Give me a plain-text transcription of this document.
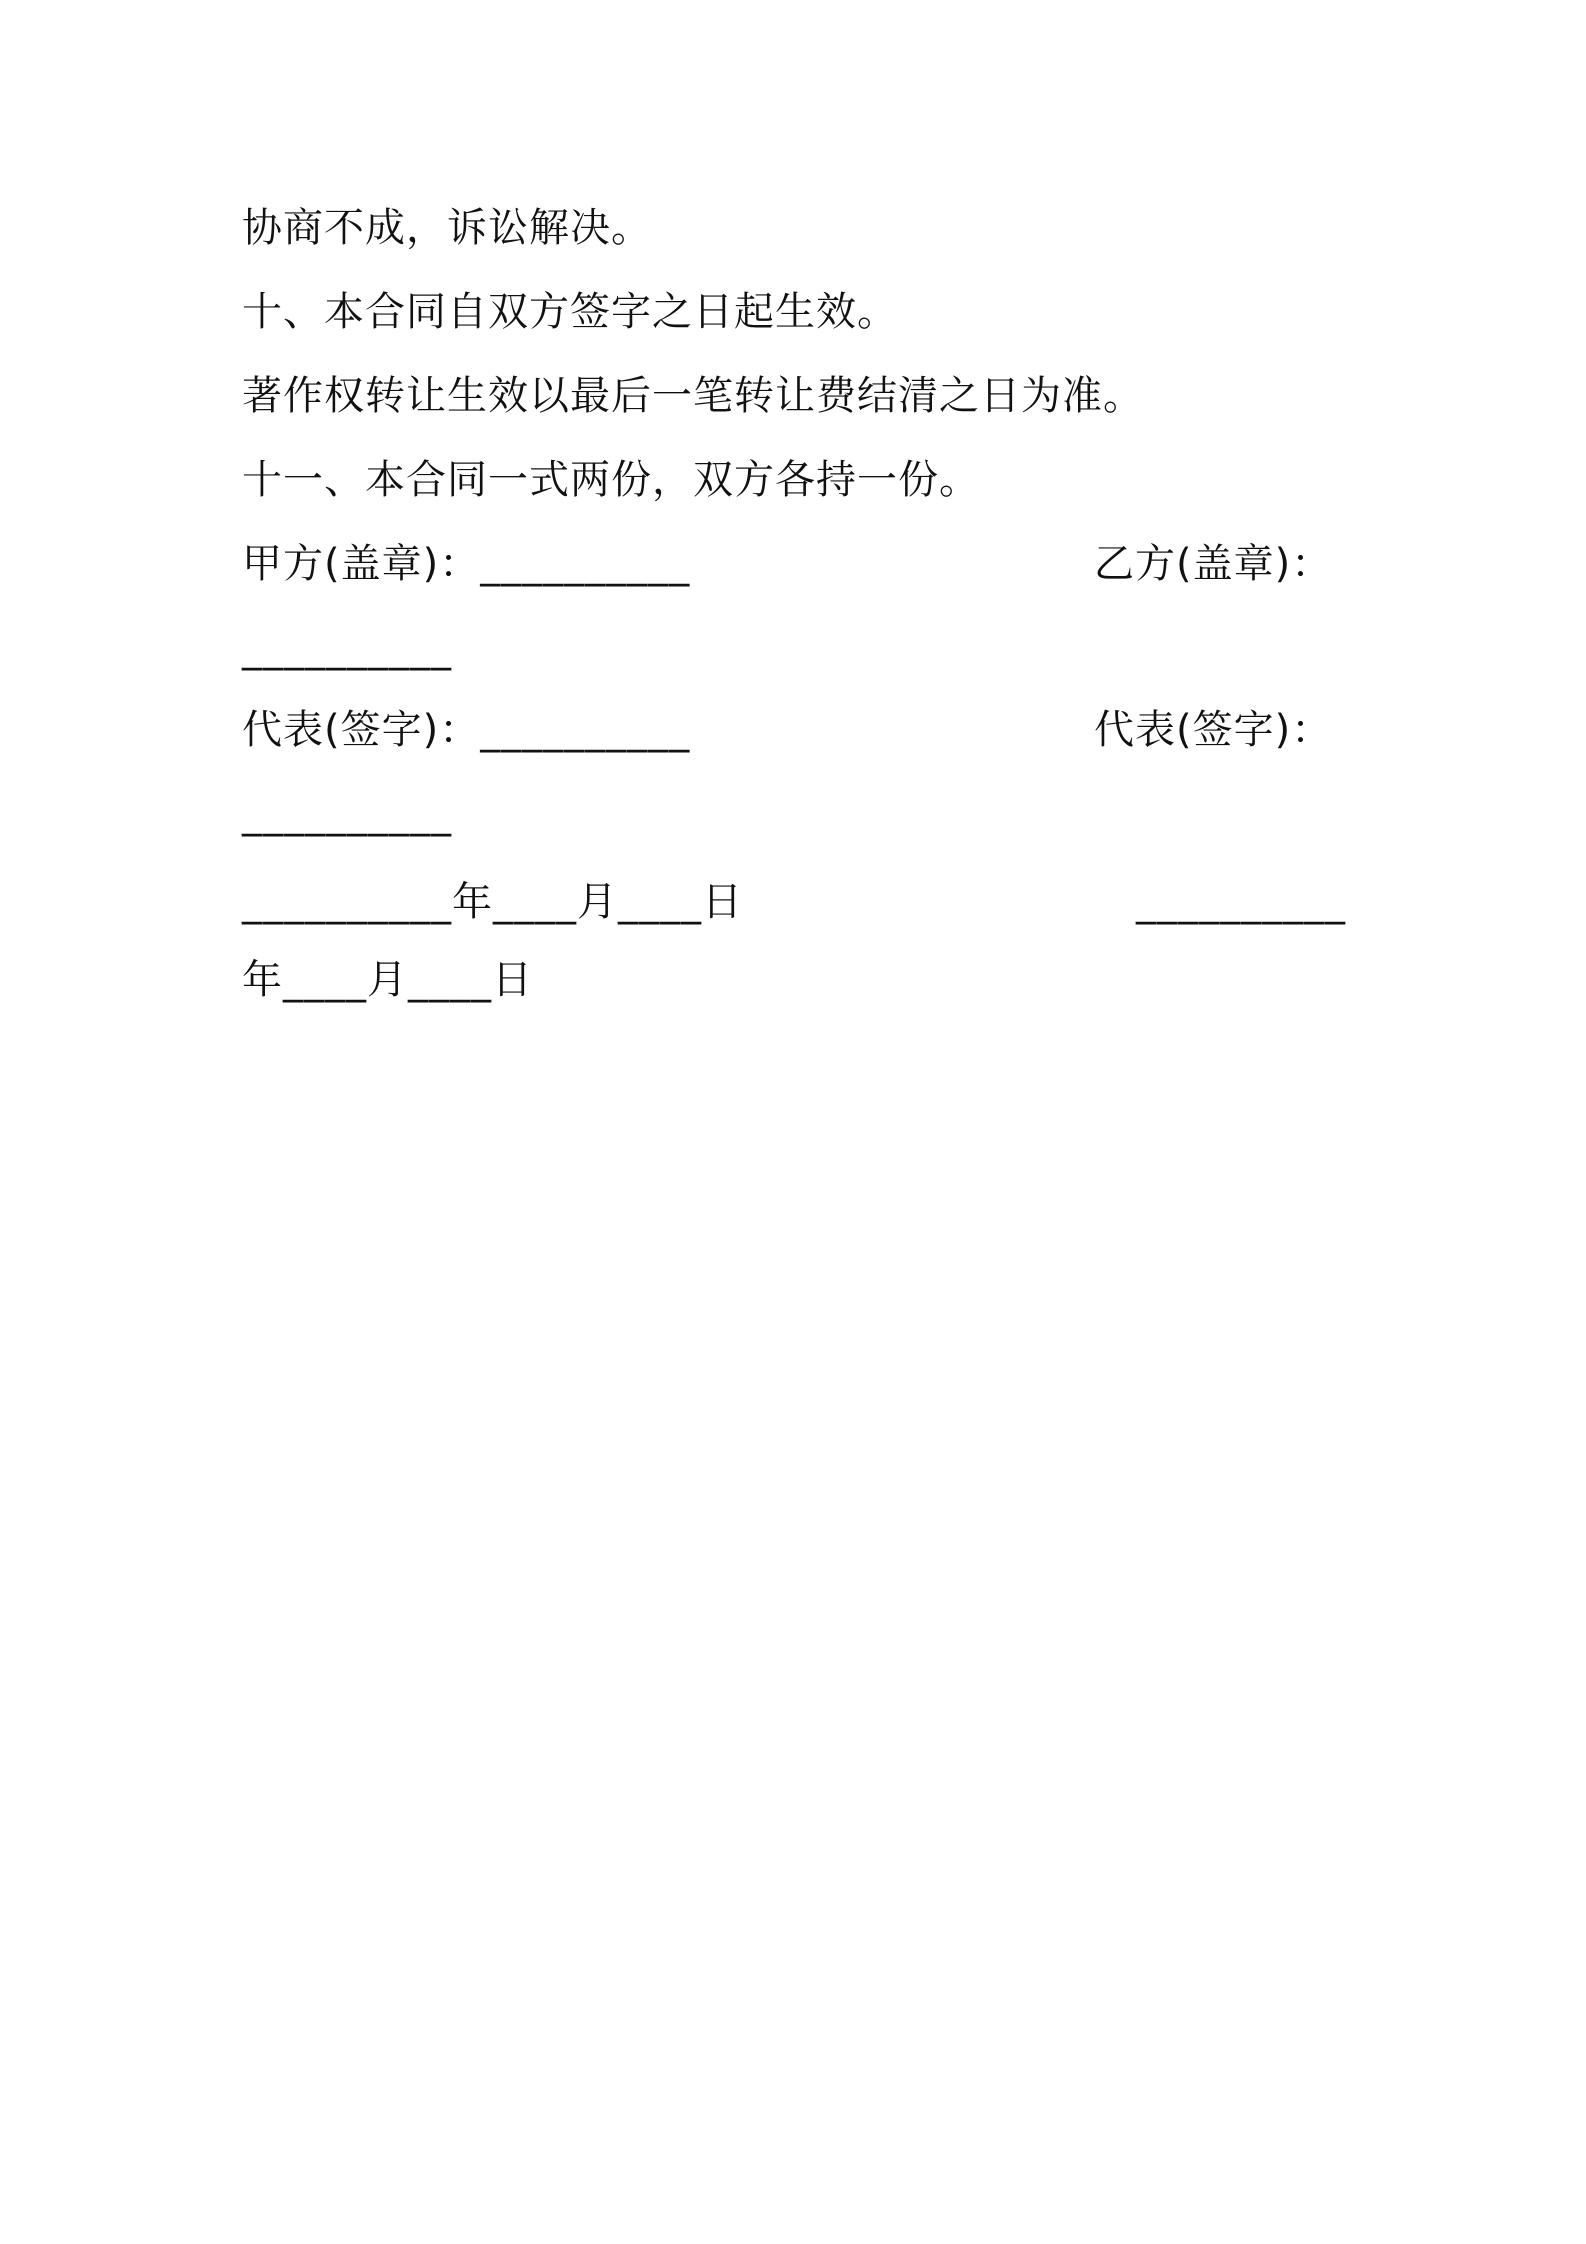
协商不成，诉讼解决。
十、本合同自双方签字之日起生效。
著作权转让生效以最后一笔转让费结清之日为准。
十一、本合同一式两份，双方各持一份。
甲方(盖章)：__________	乙方(盖章)：
__________
代表(签字)：__________	代表(签字)：
__________
__________年____月____日	__________
年____月____日
